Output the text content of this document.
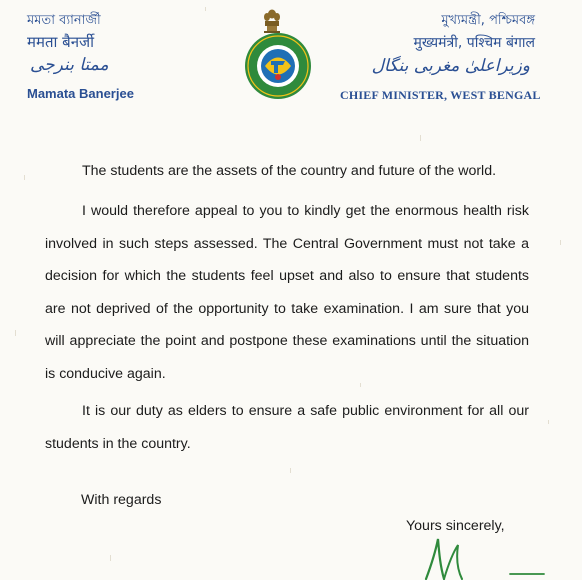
মমতা ব্যানার্জী
ममता बैनर्जी
ممتا بنرجی
Mamata Banerjee
মুখ্যমন্ত্রী, পশ্চিমবঙ্গ
मुख्यमंत्री, पश्चिम बंगाल
وزیراعلیٰ مغربی بنگال
CHIEF MINISTER, WEST BENGAL

The students are the assets of the country and future of the world.

I would therefore appeal to you to kindly get the enormous health risk involved in such steps assessed. The Central Government must not take a decision for which the students feel upset and also to ensure that students are not deprived of the opportunity to take examination. I am sure that you will appreciate the point and postpone these examinations until the situation is conducive again.

It is our duty as elders to ensure a safe public environment for all our students in the country.

With regards
Yours sincerely,
